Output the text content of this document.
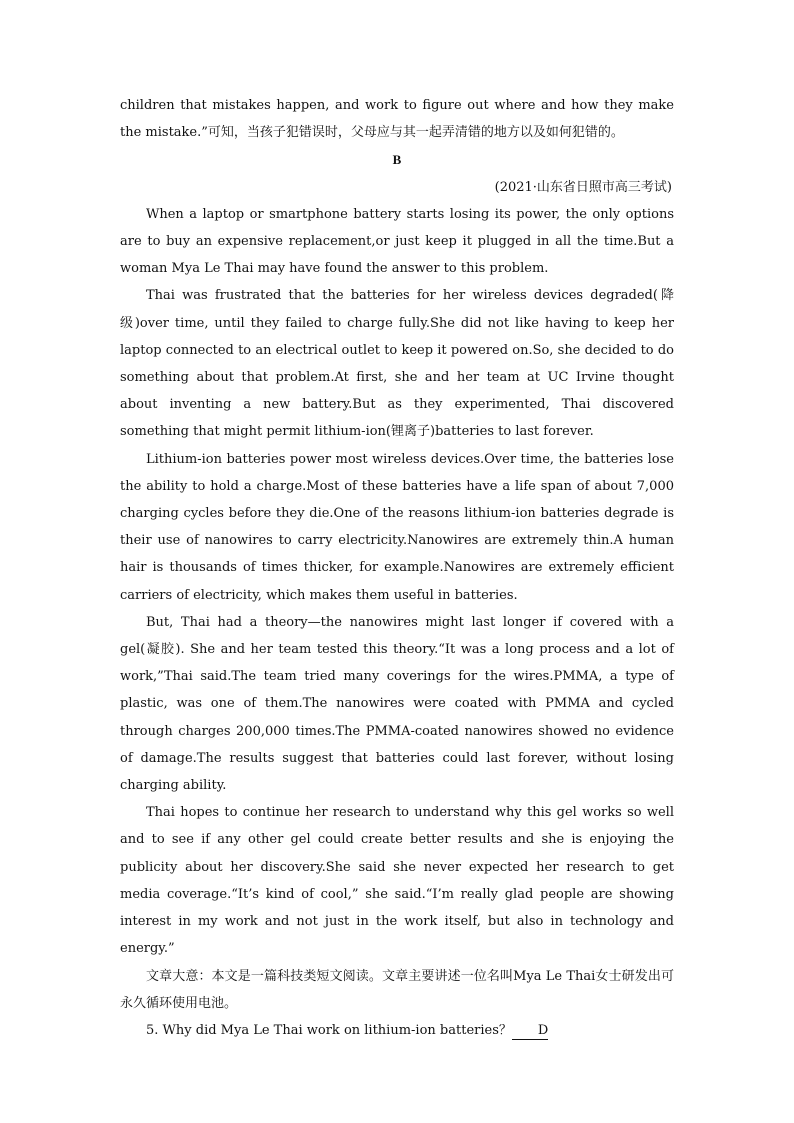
children that mistakes happen, and work to figure out where and how they make the mistake.”可知，当孩子犯错误时，父母应与其一起弄清错的地方以及如何犯错的。

B

(2021·山东省日照市高三考试)

When a laptop or smartphone battery starts losing its power, the only options are to buy an expensive replacement,or just keep it plugged in all the time.But a woman Mya Le Thai may have found the answer to this problem.

Thai was frustrated that the batteries for her wireless devices degraded(降级)over time, until they failed to charge fully.She did not like having to keep her laptop connected to an electrical outlet to keep it powered on.So, she decided to do something about that problem.At first, she and her team at UC Irvine thought about inventing a new battery.But as they experimented, Thai discovered something that might permit lithium-ion(锂离子)batteries to last forever.

Lithium-ion batteries power most wireless devices.Over time, the batteries lose the ability to hold a charge.Most of these batteries have a life span of about 7,000 charging cycles before they die.One of the reasons lithium-ion batteries degrade is their use of nanowires to carry electricity.Nanowires are extremely thin.A human hair is thousands of times thicker, for example.Nanowires are extremely efficient carriers of electricity, which makes them useful in batteries.

But, Thai had a theory—the nanowires might last longer if covered with a gel(凝胶). She and her team tested this theory.“It was a long process and a lot of work,”Thai said.The team tried many coverings for the wires.PMMA, a type of plastic, was one of them.The nanowires were coated with PMMA and cycled through charges 200,000 times.The PMMA-coated nanowires showed no evidence of damage.The results suggest that batteries could last forever, without losing charging ability.

Thai hopes to continue her research to understand why this gel works so well and to see if any other gel could create better results and she is enjoying the publicity about her discovery.She said she never expected her research to get media coverage.“It’s kind of cool,” she said.“I’m really glad people are showing interest in my work and not just in the work itself, but also in technology and energy.”

文章大意：本文是一篇科技类短文阅读。文章主要讲述一位名叫Mya Le Thai女士研发出可永久循环使用电池。

5. Why did Mya Le Thai work on lithium-ion batteries？ D
